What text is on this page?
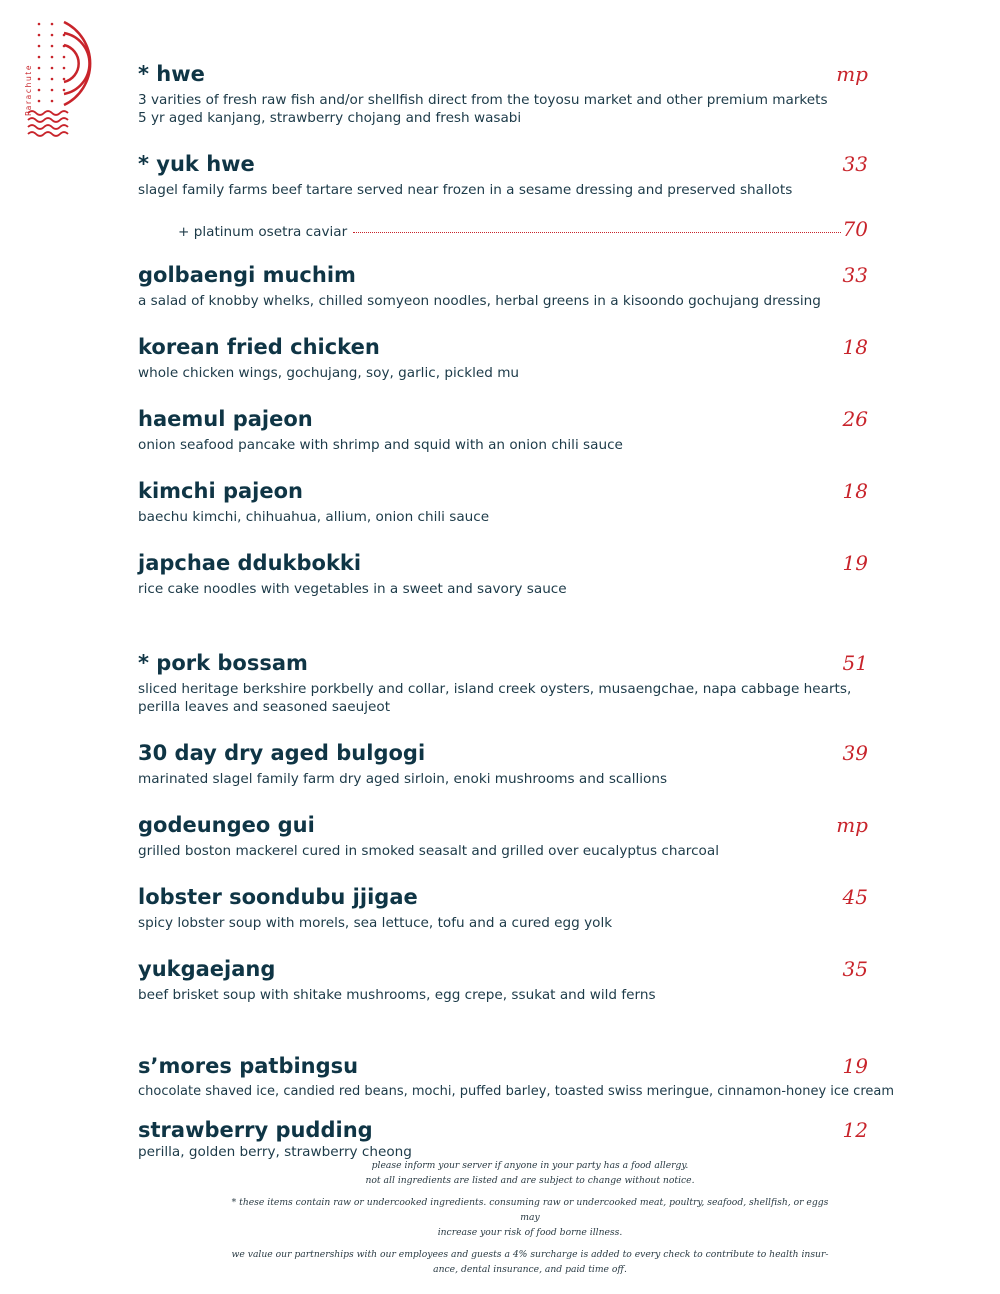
Parachute	* hwe	mp
3 varities of fresh raw fish and/or shellfish direct from the toyosu market and other premium markets
5 yr aged kanjang, strawberry chojang and fresh wasabi
* yuk hwe	33
slagel family farms beef tartare served near frozen in a sesame dressing and preserved shallots
+ platinum osetra caviar	70
golbaengi muchim	33
a salad of knobby whelks, chilled somyeon noodles, herbal greens in a kisoondo gochujang dressing
korean fried chicken	18
whole chicken wings, gochujang, soy, garlic, pickled mu
haemul pajeon	26
onion seafood pancake with shrimp and squid with an onion chili sauce
kimchi pajeon	18
baechu kimchi, chihuahua, allium, onion chili sauce
japchae ddukbokki	19
rice cake noodles with vegetables in a sweet and savory sauce
* pork bossam	51
sliced heritage berkshire porkbelly and collar, island creek oysters, musaengchae, napa cabbage hearts,
perilla leaves and seasoned saeujeot
30 day dry aged bulgogi	39
marinated slagel family farm dry aged sirloin, enoki mushrooms and scallions
godeungeo gui	mp
grilled boston mackerel cured in smoked seasalt and grilled over eucalyptus charcoal
lobster soondubu jjigae	45
spicy lobster soup with morels, sea lettuce, tofu and a cured egg yolk
yukgaejang	35
beef brisket soup with shitake mushrooms, egg crepe, ssukat and wild ferns
s’mores patbingsu	19
chocolate shaved ice, candied red beans, mochi, puffed barley, toasted swiss meringue, cinnamon-honey ice cream
strawberry pudding	12
perilla, golden berry, strawberry cheong

please inform your server if anyone in your party has a food allergy.
not all ingredients are listed and are subject to change without notice.

* these items contain raw or undercooked ingredients. consuming raw or undercooked meat, poultry, seafood, shellfish, or eggs may
increase your risk of food borne illness.

we value our partnerships with our employees and guests a 4% surcharge is added to every check to contribute to health insur-
ance, dental insurance, and paid time off.
